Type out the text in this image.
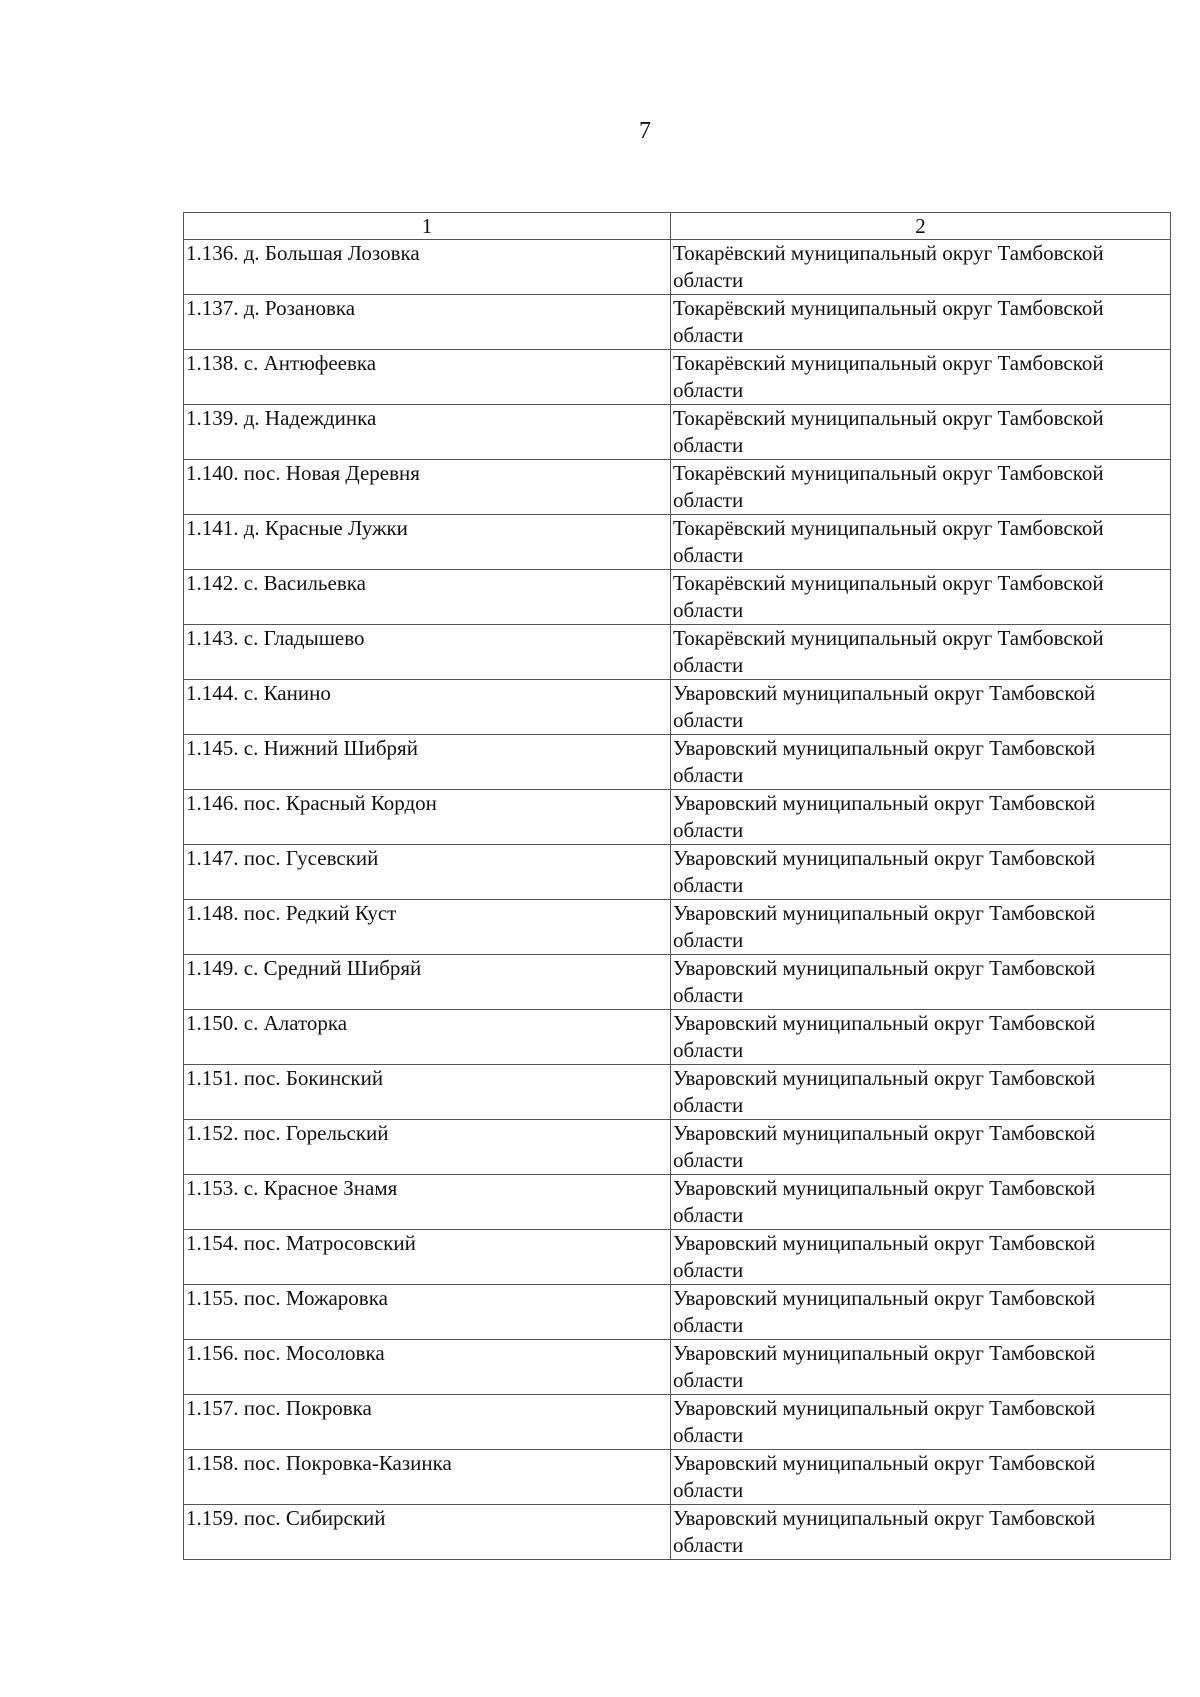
7
1	2
1.136. д. Большая Лозовка	Токарёвский муниципальный округ Тамбовской области
1.137. д. Розановка	Токарёвский муниципальный округ Тамбовской области
1.138. с. Антюфеевка	Токарёвский муниципальный округ Тамбовской области
1.139. д. Надеждинка	Токарёвский муниципальный округ Тамбовской области
1.140. пос. Новая Деревня	Токарёвский муниципальный округ Тамбовской области
1.141. д. Красные Лужки	Токарёвский муниципальный округ Тамбовской области
1.142. с. Васильевка	Токарёвский муниципальный округ Тамбовской области
1.143. с. Гладышево	Токарёвский муниципальный округ Тамбовской области
1.144. с. Канино	Уваровский муниципальный округ Тамбовской области
1.145. с. Нижний Шибряй	Уваровский муниципальный округ Тамбовской области
1.146. пос. Красный Кордон	Уваровский муниципальный округ Тамбовской области
1.147. пос. Гусевский	Уваровский муниципальный округ Тамбовской области
1.148. пос. Редкий Куст	Уваровский муниципальный округ Тамбовской области
1.149. с. Средний Шибряй	Уваровский муниципальный округ Тамбовской области
1.150. с. Алаторка	Уваровский муниципальный округ Тамбовской области
1.151. пос. Бокинский	Уваровский муниципальный округ Тамбовской области
1.152. пос. Горельский	Уваровский муниципальный округ Тамбовской области
1.153. с. Красное Знамя	Уваровский муниципальный округ Тамбовской области
1.154. пос. Матросовский	Уваровский муниципальный округ Тамбовской области
1.155. пос. Можаровка	Уваровский муниципальный округ Тамбовской области
1.156. пос. Мосоловка	Уваровский муниципальный округ Тамбовской области
1.157. пос. Покровка	Уваровский муниципальный округ Тамбовской области
1.158. пос. Покровка-Казинка	Уваровский муниципальный округ Тамбовской области
1.159. пос. Сибирский	Уваровский муниципальный округ Тамбовской области
